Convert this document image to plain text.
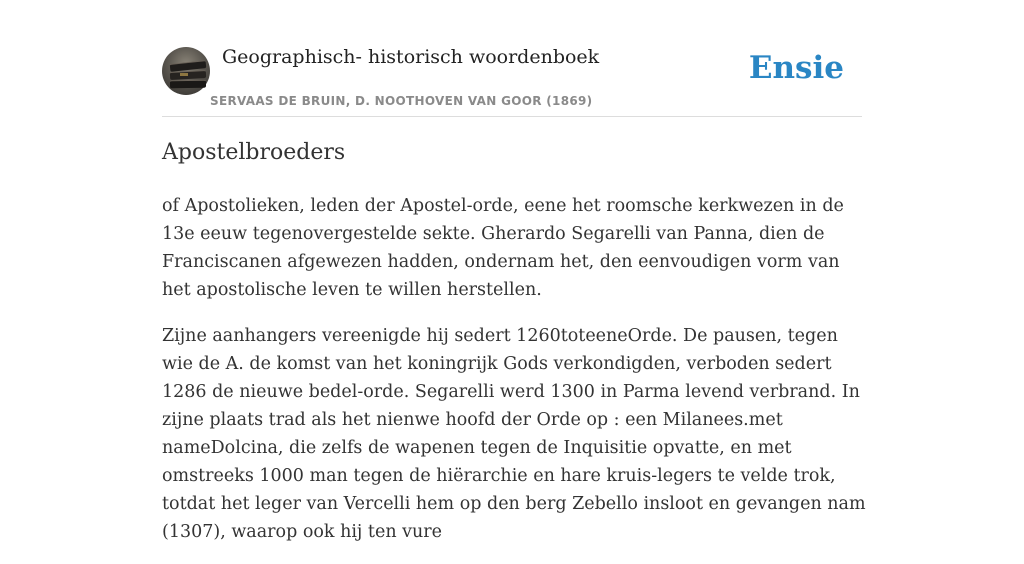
Geographisch- historisch woordenboek
SERVAAS DE BRUIN, D. NOOTHOVEN VAN GOOR (1869)
Ensie
Apostelbroeders

of Apostolieken, leden der Apostel-orde, eene het roomsche kerkwezen in de 13e eeuw tegenovergestelde sekte. Gherardo Segarelli van Panna, dien de Franciscanen afgewezen hadden, ondernam het, den eenvoudigen vorm van het apostolische leven te willen herstellen.

Zijne aanhangers vereenigde hij sedert 1260toteeneOrde. De pausen, tegen wie de A. de komst van het koningrijk Gods verkondigden, verboden sedert 1286 de nieuwe bedel-orde. Segarelli werd 1300 in Parma levend verbrand. In zijne plaats trad als het nienwe hoofd der Orde op : een Milanees.met nameDolcina, die zelfs de wapenen tegen de Inquisitie opvatte, en met omstreeks 1000 man tegen de hiërarchie en hare kruis-legers te velde trok, totdat het leger van Vercelli hem op den berg Zebello insloot en gevangen nam (1307), waarop ook hij ten vure
